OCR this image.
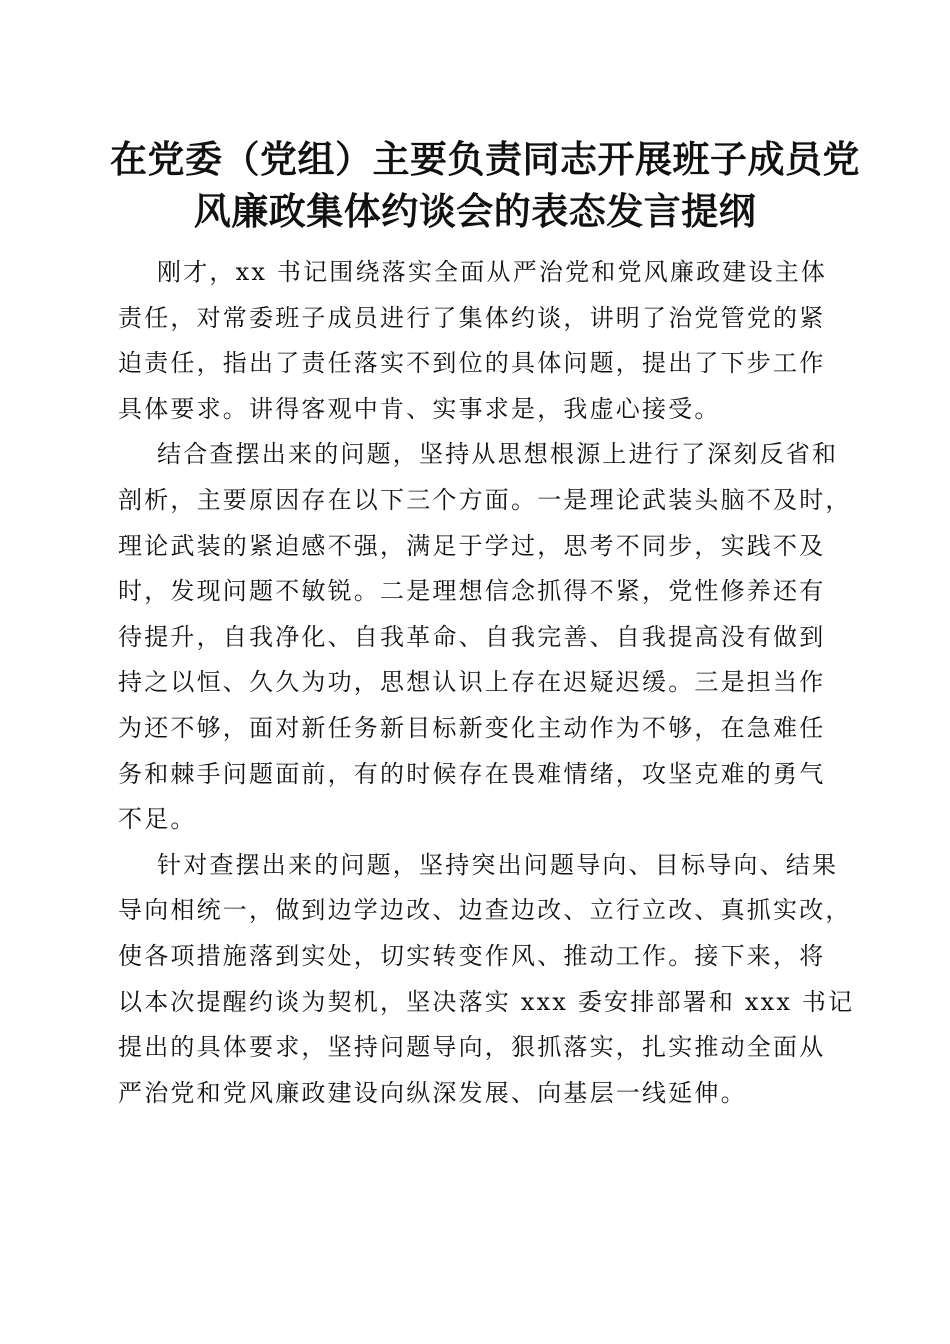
在党委（党组）主要负责同志开展班子成员党
风廉政集体约谈会的表态发言提纲

刚才，xx 书记围绕落实全面从严治党和党风廉政建设主体
责任，对常委班子成员进行了集体约谈，讲明了治党管党的紧
迫责任，指出了责任落实不到位的具体问题，提出了下步工作
具体要求。讲得客观中肯、实事求是，我虚心接受。

结合查摆出来的问题，坚持从思想根源上进行了深刻反省和
剖析，主要原因存在以下三个方面。一是理论武装头脑不及时，
理论武装的紧迫感不强，满足于学过，思考不同步，实践不及
时，发现问题不敏锐。二是理想信念抓得不紧，党性修养还有
待提升，自我净化、自我革命、自我完善、自我提高没有做到
持之以恒、久久为功，思想认识上存在迟疑迟缓。三是担当作
为还不够，面对新任务新目标新变化主动作为不够，在急难任
务和棘手问题面前，有的时候存在畏难情绪，攻坚克难的勇气
不足。

针对查摆出来的问题，坚持突出问题导向、目标导向、结果
导向相统一，做到边学边改、边查边改、立行立改、真抓实改，
使各项措施落到实处，切实转变作风、推动工作。接下来，将
以本次提醒约谈为契机，坚决落实 xxx 委安排部署和 xxx 书记
提出的具体要求，坚持问题导向，狠抓落实，扎实推动全面从
严治党和党风廉政建设向纵深发展、向基层一线延伸。
